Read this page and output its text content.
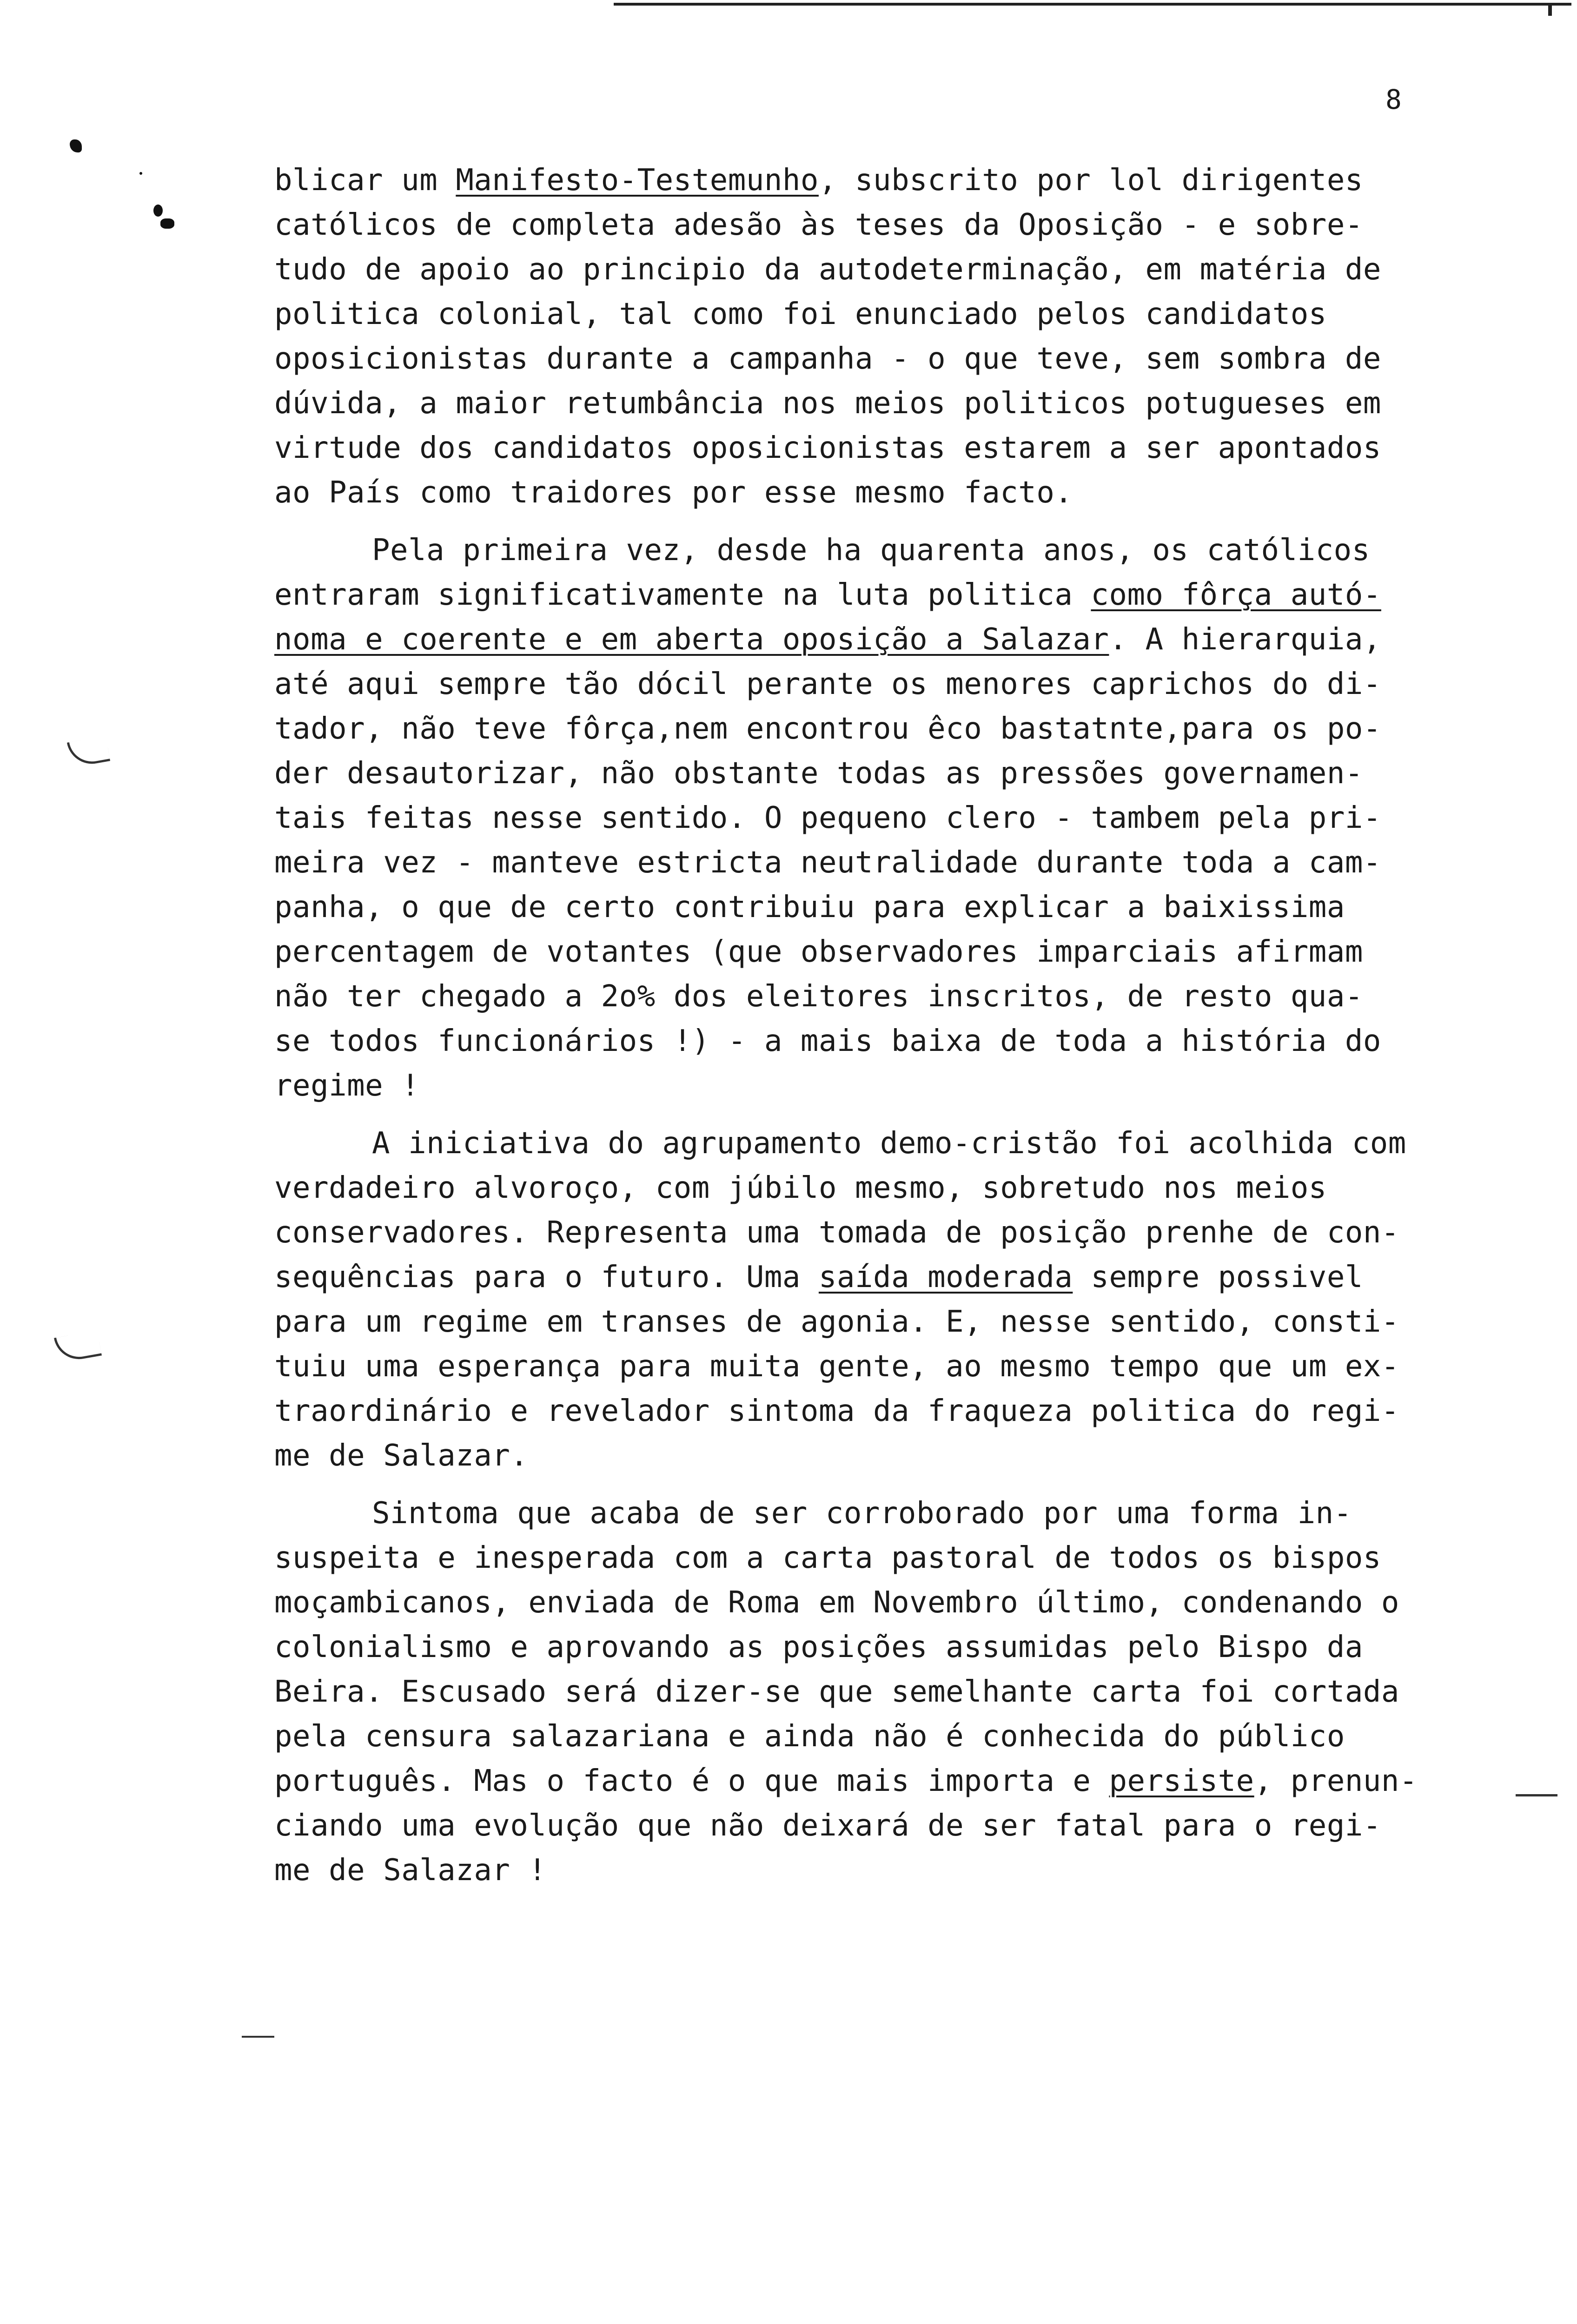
8
blicar um Manifesto-Testemunho, subscrito por lol dirigentes
católicos de completa adesão às teses da Oposição - e sobre-
tudo de apoio ao principio da autodeterminação, em matéria de
politica colonial, tal como foi enunciado pelos candidatos
oposicionistas durante a campanha - o que teve, sem sombra de
dúvida, a maior retumbância nos meios politicos potugueses em
virtude dos candidatos oposicionistas estarem a ser apontados
ao País como traidores por esse mesmo facto.
Pela primeira vez, desde ha quarenta anos, os católicos
entraram significativamente na luta politica como fôrça autó-
noma e coerente e em aberta oposição a Salazar. A hierarquia,
até aqui sempre tão dócil perante os menores caprichos do di-
tador, não teve fôrça,nem encontrou êco bastatnte,para os po-
der desautorizar, não obstante todas as pressões governamen-
tais feitas nesse sentido. O pequeno clero - tambem pela pri-
meira vez - manteve estricta neutralidade durante toda a cam-
panha, o que de certo contribuiu para explicar a baixissima
percentagem de votantes (que observadores imparciais afirmam
não ter chegado a 2o% dos eleitores inscritos, de resto qua-
se todos funcionários !) - a mais baixa de toda a história do
regime !
A iniciativa do agrupamento demo-cristão foi acolhida com
verdadeiro alvoroço, com júbilo mesmo, sobretudo nos meios
conservadores. Representa uma tomada de posição prenhe de con-
sequências para o futuro. Uma saída moderada sempre possivel
para um regime em transes de agonia. E, nesse sentido, consti-
tuiu uma esperança para muita gente, ao mesmo tempo que um ex-
traordinário e revelador sintoma da fraqueza politica do regi-
me de Salazar.
Sintoma que acaba de ser corroborado por uma forma in-
suspeita e inesperada com a carta pastoral de todos os bispos
moçambicanos, enviada de Roma em Novembro último, condenando o
colonialismo e aprovando as posições assumidas pelo Bispo da
Beira. Escusado será dizer-se que semelhante carta foi cortada
pela censura salazariana e ainda não é conhecida do público
português. Mas o facto é o que mais importa e persiste, prenun-
ciando uma evolução que não deixará de ser fatal para o regi-
me de Salazar !
